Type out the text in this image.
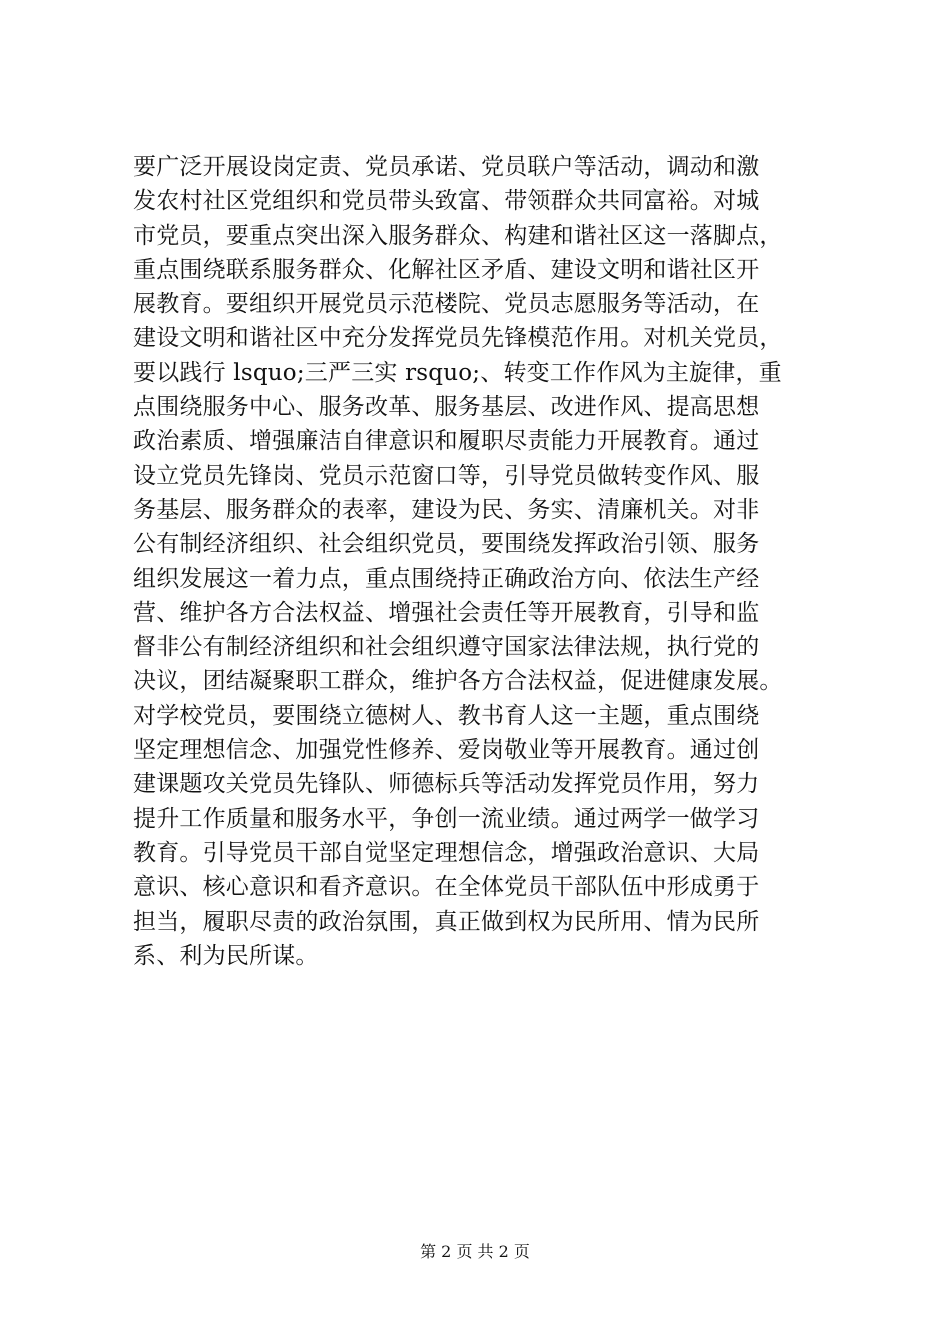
要广泛开展设岗定责、党员承诺、党员联户等活动，调动和激
发农村社区党组织和党员带头致富、带领群众共同富裕。对城
市党员，要重点突出深入服务群众、构建和谐社区这一落脚点，
重点围绕联系服务群众、化解社区矛盾、建设文明和谐社区开
展教育。要组织开展党员示范楼院、党员志愿服务等活动，在
建设文明和谐社区中充分发挥党员先锋模范作用。对机关党员，
要以践行 lsquo;三严三实 rsquo;、转变工作作风为主旋律，重
点围绕服务中心、服务改革、服务基层、改进作风、提高思想
政治素质、增强廉洁自律意识和履职尽责能力开展教育。通过
设立党员先锋岗、党员示范窗口等，引导党员做转变作风、服
务基层、服务群众的表率，建设为民、务实、清廉机关。对非
公有制经济组织、社会组织党员，要围绕发挥政治引领、服务
组织发展这一着力点，重点围绕持正确政治方向、依法生产经
营、维护各方合法权益、增强社会责任等开展教育，引导和监
督非公有制经济组织和社会组织遵守国家法律法规，执行党的
决议，团结凝聚职工群众，维护各方合法权益，促进健康发展。
对学校党员，要围绕立德树人、教书育人这一主题，重点围绕
坚定理想信念、加强党性修养、爱岗敬业等开展教育。通过创
建课题攻关党员先锋队、师德标兵等活动发挥党员作用，努力
提升工作质量和服务水平，争创一流业绩。通过两学一做学习
教育。引导党员干部自觉坚定理想信念，增强政治意识、大局
意识、核心意识和看齐意识。在全体党员干部队伍中形成勇于
担当，履职尽责的政治氛围，真正做到权为民所用、情为民所
系、利为民所谋。
第 2 页 共 2 页
